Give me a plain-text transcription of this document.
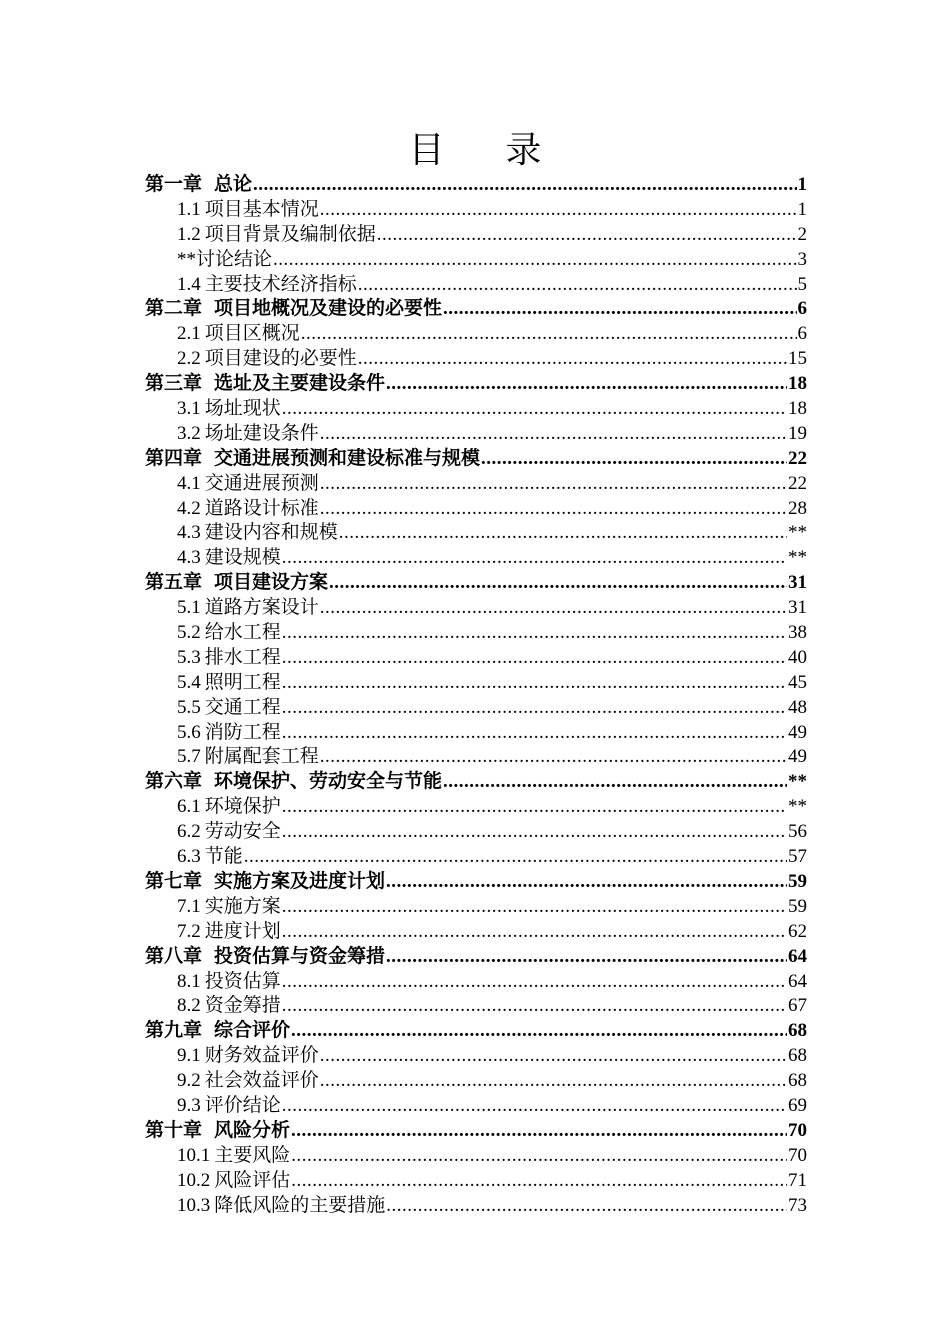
目 录
第一章 总论 .....	1
1.1 项目基本情况 .....	1
1.2 项目背景及编制依据 .....	2
**讨论结论 .....	3
1.4 主要技术经济指标 .....	5
第二章 项目地概况及建设的必要性 .....	6
2.1 项目区概况 .....	6
2.2 项目建设的必要性 .....	15
第三章 选址及主要建设条件 .....	18
3.1 场址现状 .....	18
3.2 场址建设条件 .....	19
第四章 交通进展预测和建设标准与规模 .....	22
4.1 交通进展预测 .....	22
4.2 道路设计标准 .....	28
4.3 建设内容和规模 .....	**
4.3 建设规模 .....	**
第五章 项目建设方案 .....	31
5.1 道路方案设计 .....	31
5.2 给水工程 .....	38
5.3 排水工程 .....	40
5.4 照明工程 .....	45
5.5 交通工程 .....	48
5.6 消防工程 .....	49
5.7 附属配套工程 .....	49
第六章 环境保护、劳动安全与节能 .....	**
6.1 环境保护 .....	**
6.2 劳动安全 .....	56
6.3 节能 .....	57
第七章 实施方案及进度计划 .....	59
7.1 实施方案 .....	59
7.2 进度计划 .....	62
第八章 投资估算与资金筹措 .....	64
8.1 投资估算 .....	64
8.2 资金筹措 .....	67
第九章 综合评价 .....	68
9.1 财务效益评价 .....	68
9.2 社会效益评价 .....	68
9.3 评价结论 .....	69
第十章 风险分析 .....	70
10.1 主要风险 .....	70
10.2 风险评估 .....	71
10.3 降低风险的主要措施 .....	73
